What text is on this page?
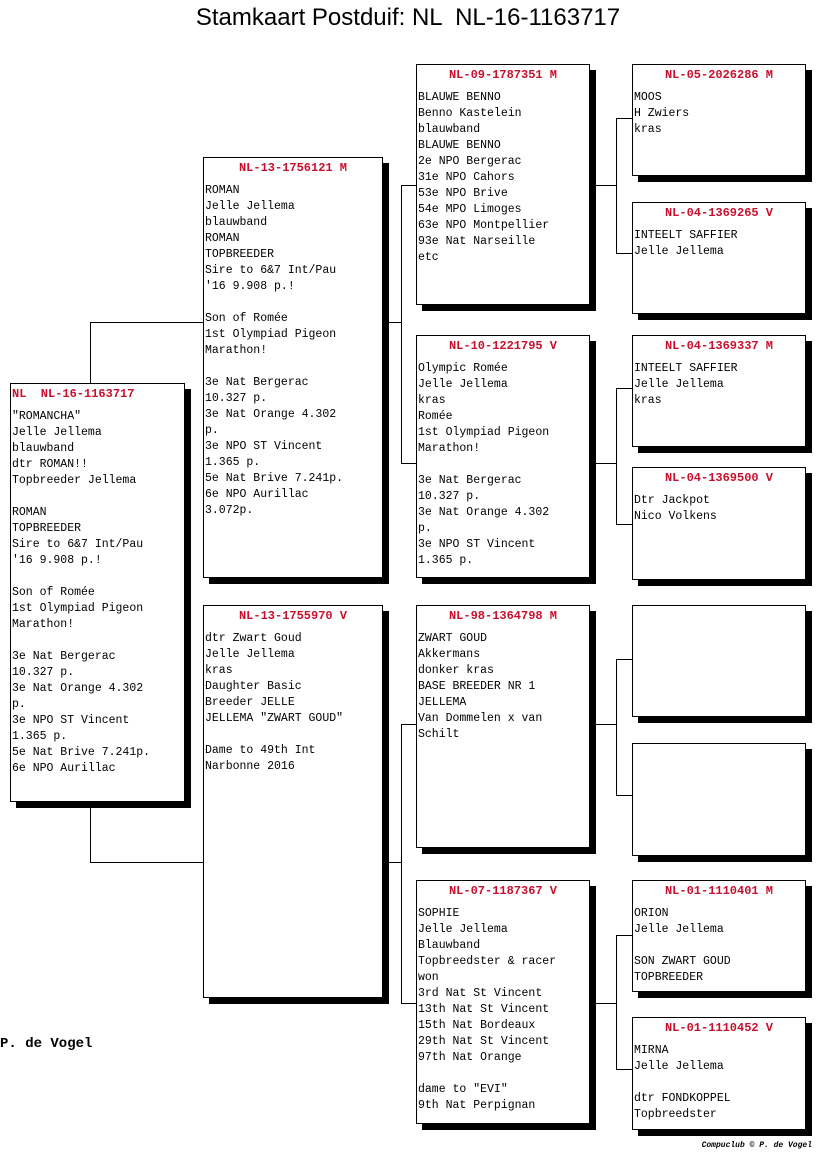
Stamkaart Postduif: NL  NL-16-1163717
NL  NL-16-1163717
"ROMANCHA"
Jelle Jellema
blauwband
dtr ROMAN!!
Topbreeder Jellema
ROMAN
TOPBREEDER
Sire to 6&7 Int/Pau
'16 9.908 p.!
Son of Romée
1st Olympiad Pigeon
Marathon!
3e Nat Bergerac
10.327 p.
3e Nat Orange 4.302
p.
3e NPO ST Vincent
1.365 p.
5e Nat Brive 7.241p.
6e NPO Aurillac
NL-13-1756121 M
ROMAN
Jelle Jellema
blauwband
ROMAN
TOPBREEDER
Sire to 6&7 Int/Pau
'16 9.908 p.!
Son of Romée
1st Olympiad Pigeon
Marathon!
3e Nat Bergerac
10.327 p.
3e Nat Orange 4.302
p.
3e NPO ST Vincent
1.365 p.
5e Nat Brive 7.241p.
6e NPO Aurillac
3.072p.
NL-13-1755970 V
dtr Zwart Goud
Jelle Jellema
kras
Daughter Basic
Breeder JELLE
JELLEMA "ZWART GOUD"
Dame to 49th Int
Narbonne 2016
NL-09-1787351 M
BLAUWE BENNO
Benno Kastelein
blauwband
BLAUWE BENNO
2e NPO Bergerac
31e NPO Cahors
53e NPO Brive
54e MPO Limoges
63e NPO Montpellier
93e Nat Narseille
etc
NL-10-1221795 V
Olympic Romée
Jelle Jellema
kras
Romée
1st Olympiad Pigeon
Marathon!
3e Nat Bergerac
10.327 p.
3e Nat Orange 4.302
p.
3e NPO ST Vincent
1.365 p.
NL-98-1364798 M
ZWART GOUD
Akkermans
donker kras
BASE BREEDER NR 1
JELLEMA
Van Dommelen x van
Schilt
NL-07-1187367 V
SOPHIE
Jelle Jellema
Blauwband
Topbreedster & racer
won
3rd Nat St Vincent
13th Nat St Vincent
15th Nat Bordeaux
29th Nat St Vincent
97th Nat Orange
dame to "EVI"
9th Nat Perpignan
NL-05-2026286 M
MOOS
H Zwiers
kras
NL-04-1369265 V
INTEELT SAFFIER
Jelle Jellema
NL-04-1369337 M
INTEELT SAFFIER
Jelle Jellema
kras
NL-04-1369500 V
Dtr Jackpot
Nico Volkens
NL-01-1110401 M
ORION
Jelle Jellema
SON ZWART GOUD
TOPBREEDER
NL-01-1110452 V
MIRNA
Jelle Jellema
dtr FONDKOPPEL
Topbreedster
P. de Vogel
Compuclub © P. de Vogel
